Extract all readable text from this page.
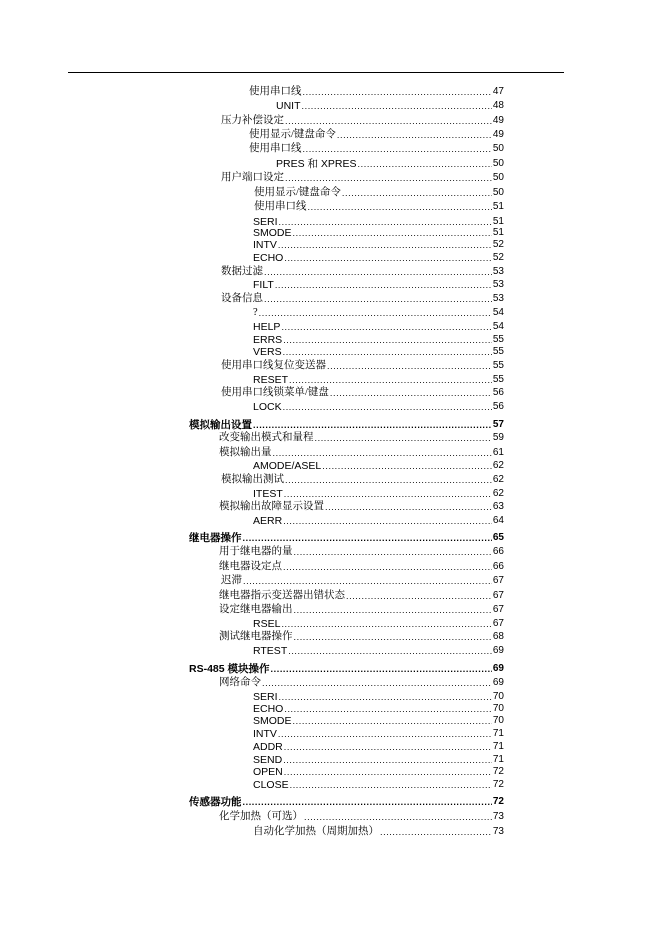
使用串口线 .....	47
UNIT .....	48
压力补偿设定 .....	49
使用显示/键盘命令 .....	49
使用串口线 .....	50
PRES 和 XPRES .....	50
用户端口设定 .....	50
使用显示/键盘命令 .....	50
使用串口线 .....	51
SERI .....	51
SMODE .....	51
INTV .....	52
ECHO .....	52
数据过滤 .....	53
FILT .....	53
设备信息 .....	53
? .....	54
HELP .....	54
ERRS .....	55
VERS .....	55
使用串口线复位变送器 .....	55
RESET .....	55
使用串口线锁菜单/键盘 .....	56
LOCK .....	56
模拟输出设置 .....	57
改变输出模式和量程 .....	59
模拟输出量 .....	61
AMODE/ASEL .....	62
模拟输出测试 .....	62
ITEST .....	62
模拟输出故障显示设置 .....	63
AERR .....	64
继电器操作 .....	65
用于继电器的量 .....	66
继电器设定点 .....	66
迟滞 .....	67
继电器指示变送器出错状态 .....	67
设定继电器输出 .....	67
RSEL .....	67
测试继电器操作 .....	68
RTEST .....	69
RS-485 模块操作 .....	69
网络命令 .....	69
SERI .....	70
ECHO .....	70
SMODE .....	70
INTV .....	71
ADDR .....	71
SEND .....	71
OPEN .....	72
CLOSE .....	72
传感器功能 .....	72
化学加热（可选） .....	73
自动化学加热（周期加热） .....	73
